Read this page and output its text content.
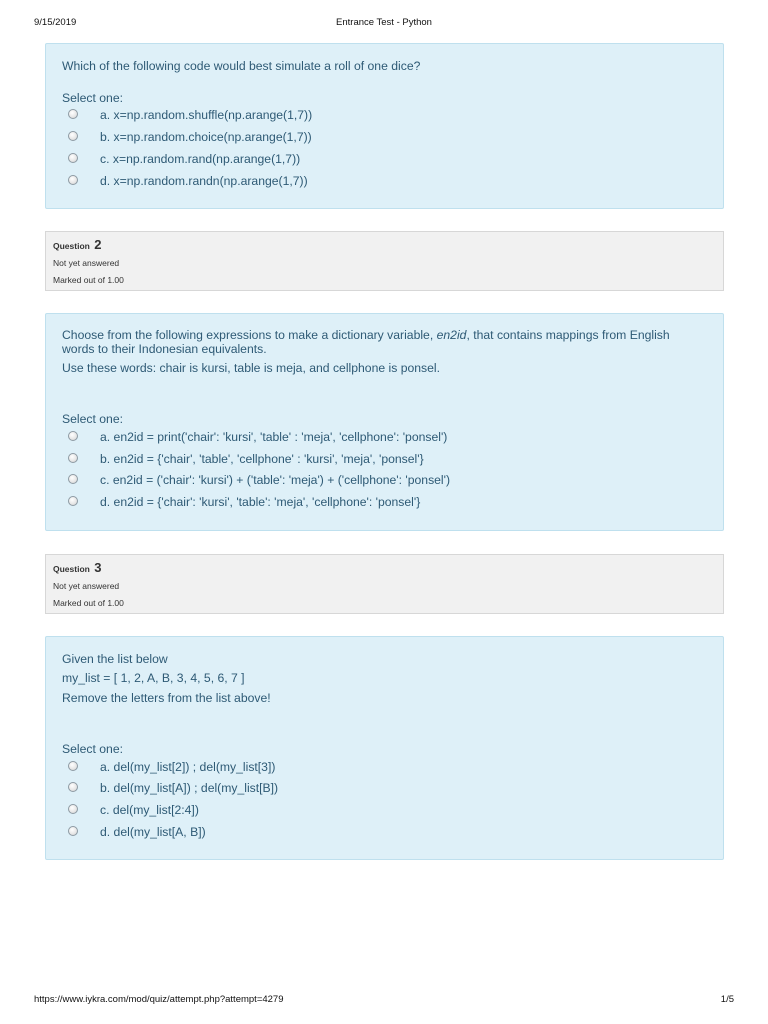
9/15/2019	Entrance Test - Python

Which of the following code would best simulate a roll of one dice?

Select one:

a. x=np.random.shuffle(np.arange(1,7))
b. x=np.random.choice(np.arange(1,7))
c. x=np.random.rand(np.arange(1,7))
d. x=np.random.randn(np.arange(1,7))
Question 2
Not yet answered
Marked out of 1.00

Choose from the following expressions to make a dictionary variable, en2id, that contains mappings from English words to their Indonesian equivalents.

Use these words: chair is kursi, table is meja, and cellphone is ponsel.

Select one:

a. en2id = print('chair': 'kursi', 'table' : 'meja', 'cellphone': 'ponsel')
b. en2id = {'chair', 'table', 'cellphone' : 'kursi', 'meja', 'ponsel'}
c. en2id = ('chair': 'kursi') + ('table': 'meja') + ('cellphone': 'ponsel')
d. en2id = {'chair': 'kursi', 'table': 'meja', 'cellphone': 'ponsel'}
Question 3
Not yet answered
Marked out of 1.00

Given the list below

my_list = [ 1, 2, A, B, 3, 4, 5, 6, 7 ]

Remove the letters from the list above!

Select one:

a. del(my_list[2]) ; del(my_list[3])
b. del(my_list[A]) ; del(my_list[B])
c. del(my_list[2:4])
d. del(my_list[A, B])
https://www.iykra.com/mod/quiz/attempt.php?attempt=4279	1/5
